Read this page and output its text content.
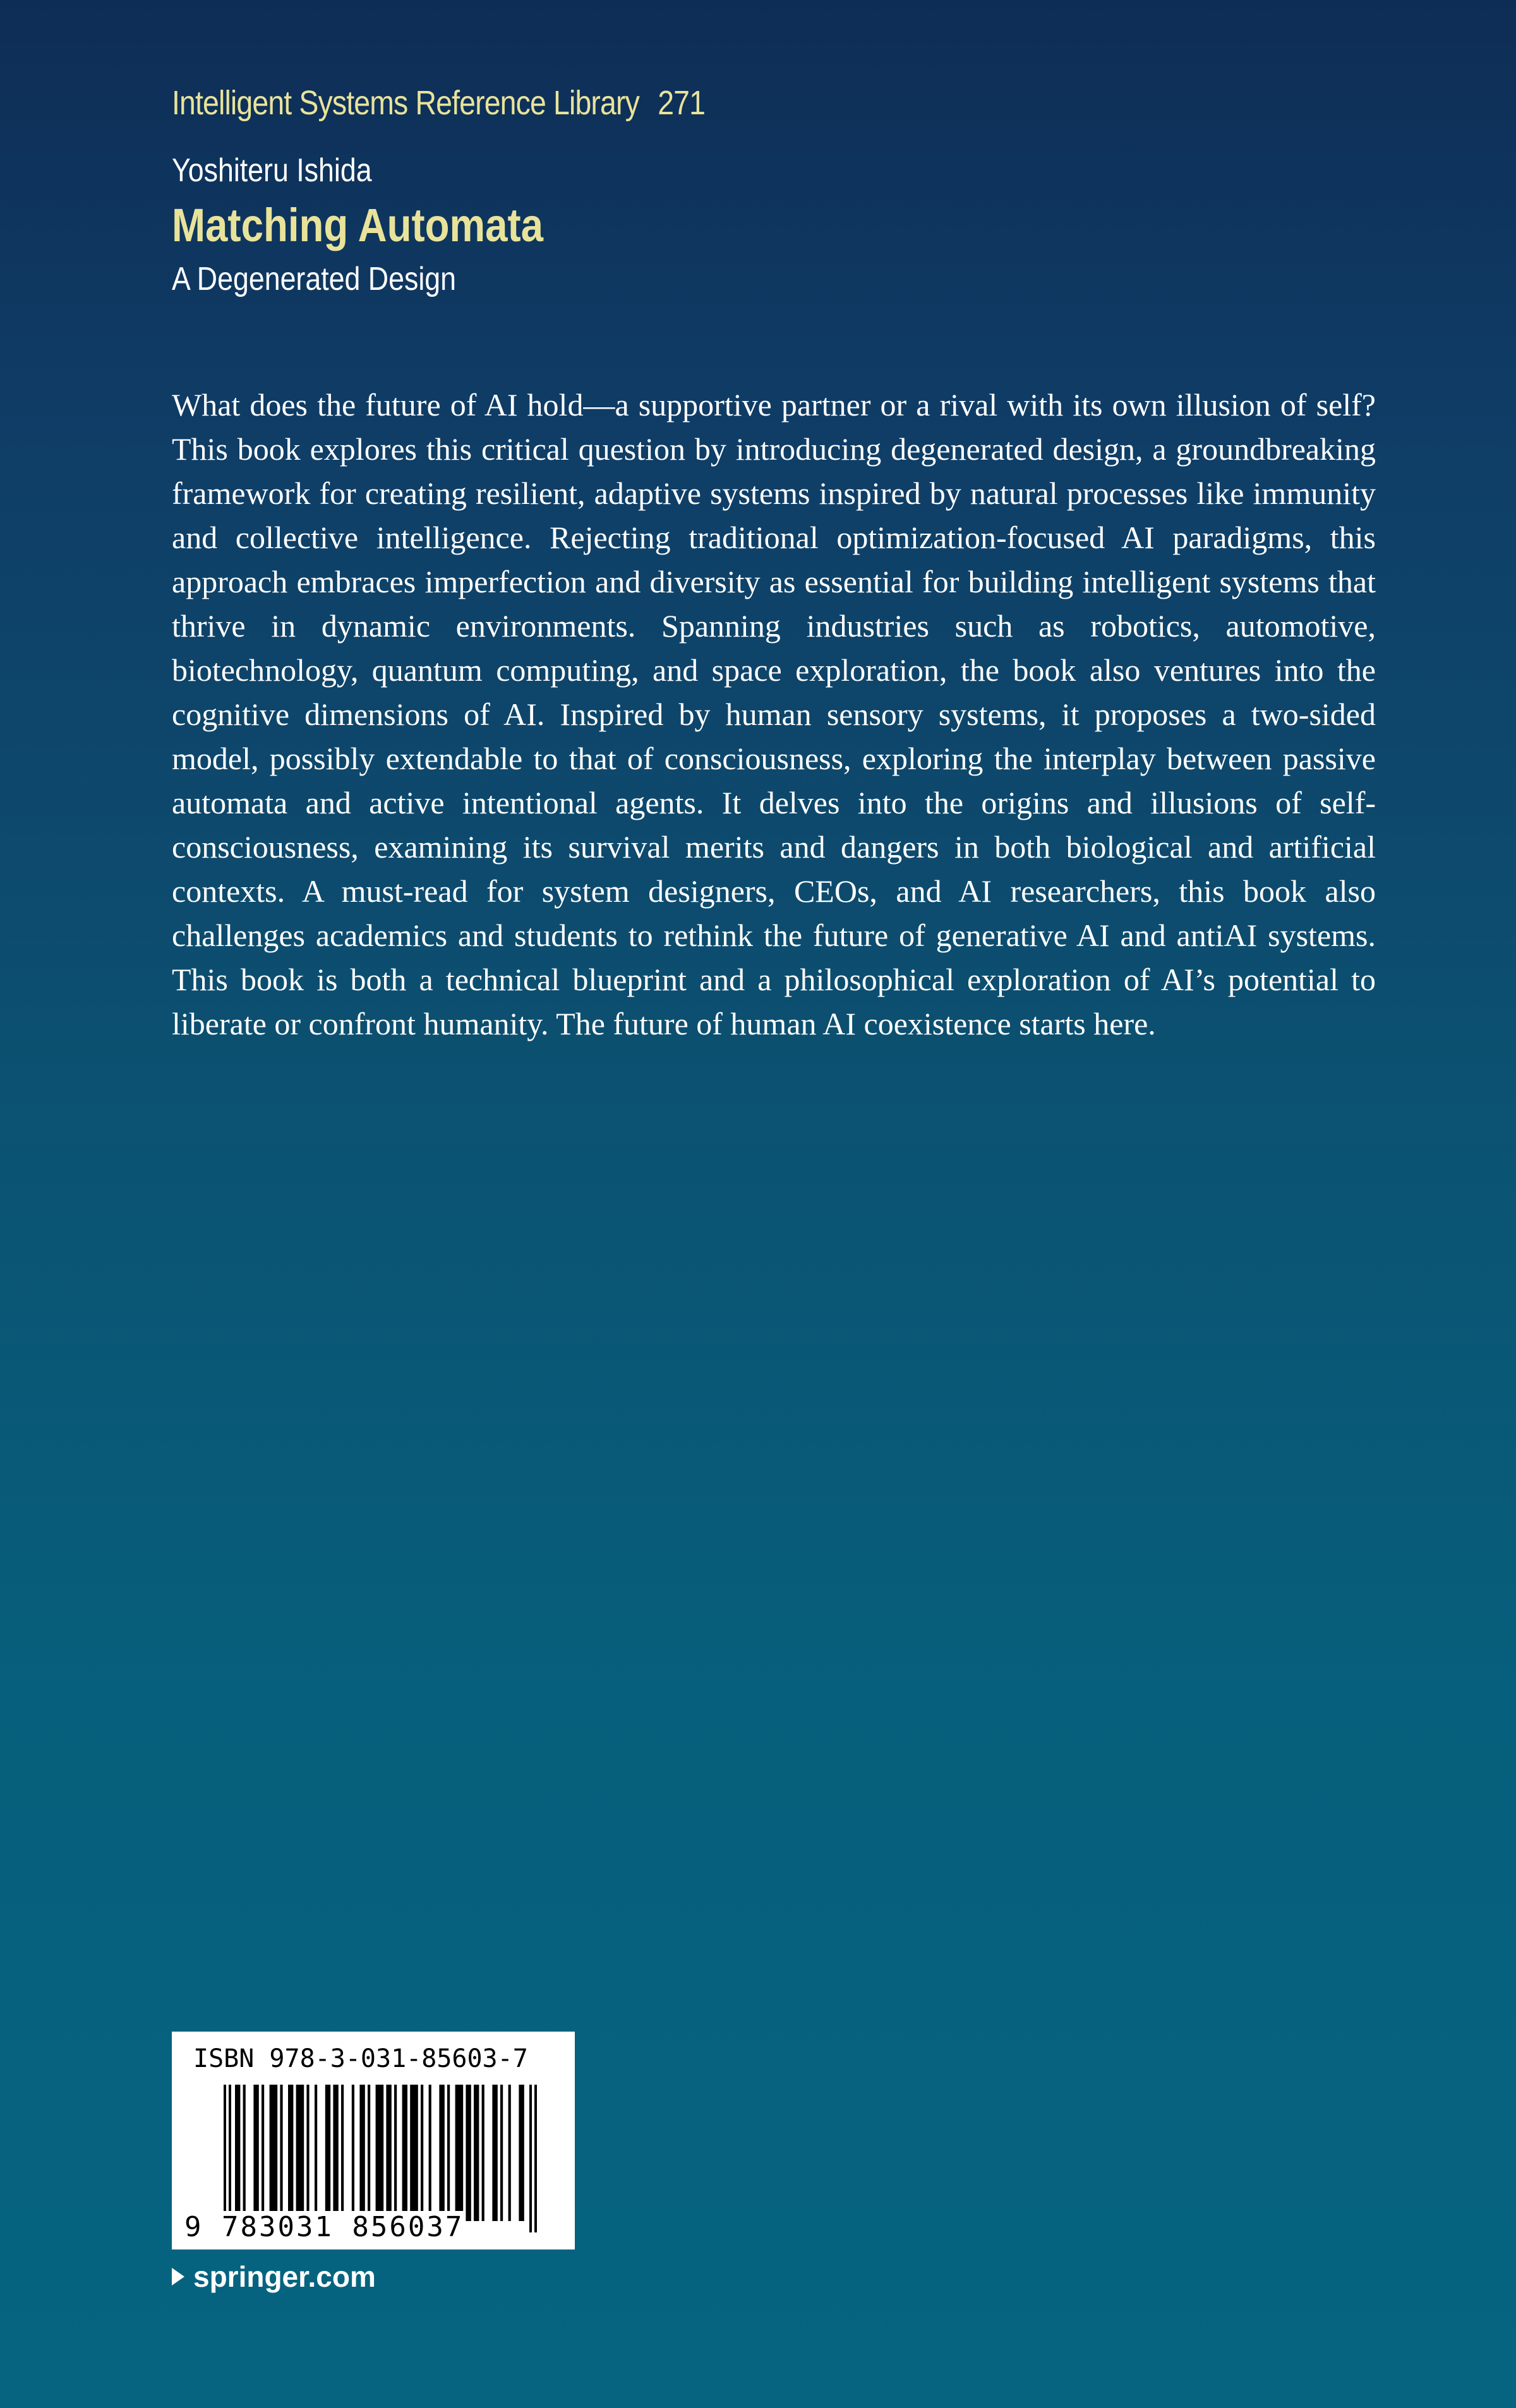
Intelligent Systems Reference Library 271
Yoshiteru Ishida
Matching Automata
A Degenerated Design

What does the future of AI hold—a supportive partner or a rival with its own illusion of self? This book explores this critical question by introducing degenerated design, a groundbreaking framework for creating resilient, adaptive systems inspired by natural processes like immunity and collective intelligence. Rejecting traditional optimization-focused AI paradigms, this approach embraces imperfection and diversity as essential for building intelligent systems that thrive in dynamic environments. Spanning industries such as robotics, automotive, biotechnology, quantum computing, and space exploration, the book also ventures into the cognitive dimensions of AI. Inspired by human sensory systems, it proposes a two-sided model, possibly extendable to that of consciousness, exploring the interplay between passive automata and active intentional agents. It delves into the origins and illusions of self-consciousness, examining its survival merits and dangers in both biological and artificial contexts. A must-read for system designers, CEOs, and AI researchers, this book also challenges academics and students to rethink the future of generative AI and antiAI systems. This book is both a technical blueprint and a philosophical exploration of AI’s potential to liberate or confront humanity. The future of human AI coexistence starts here.

ISBN 978-3-031-85603-7
9 783031 856037
springer.com
